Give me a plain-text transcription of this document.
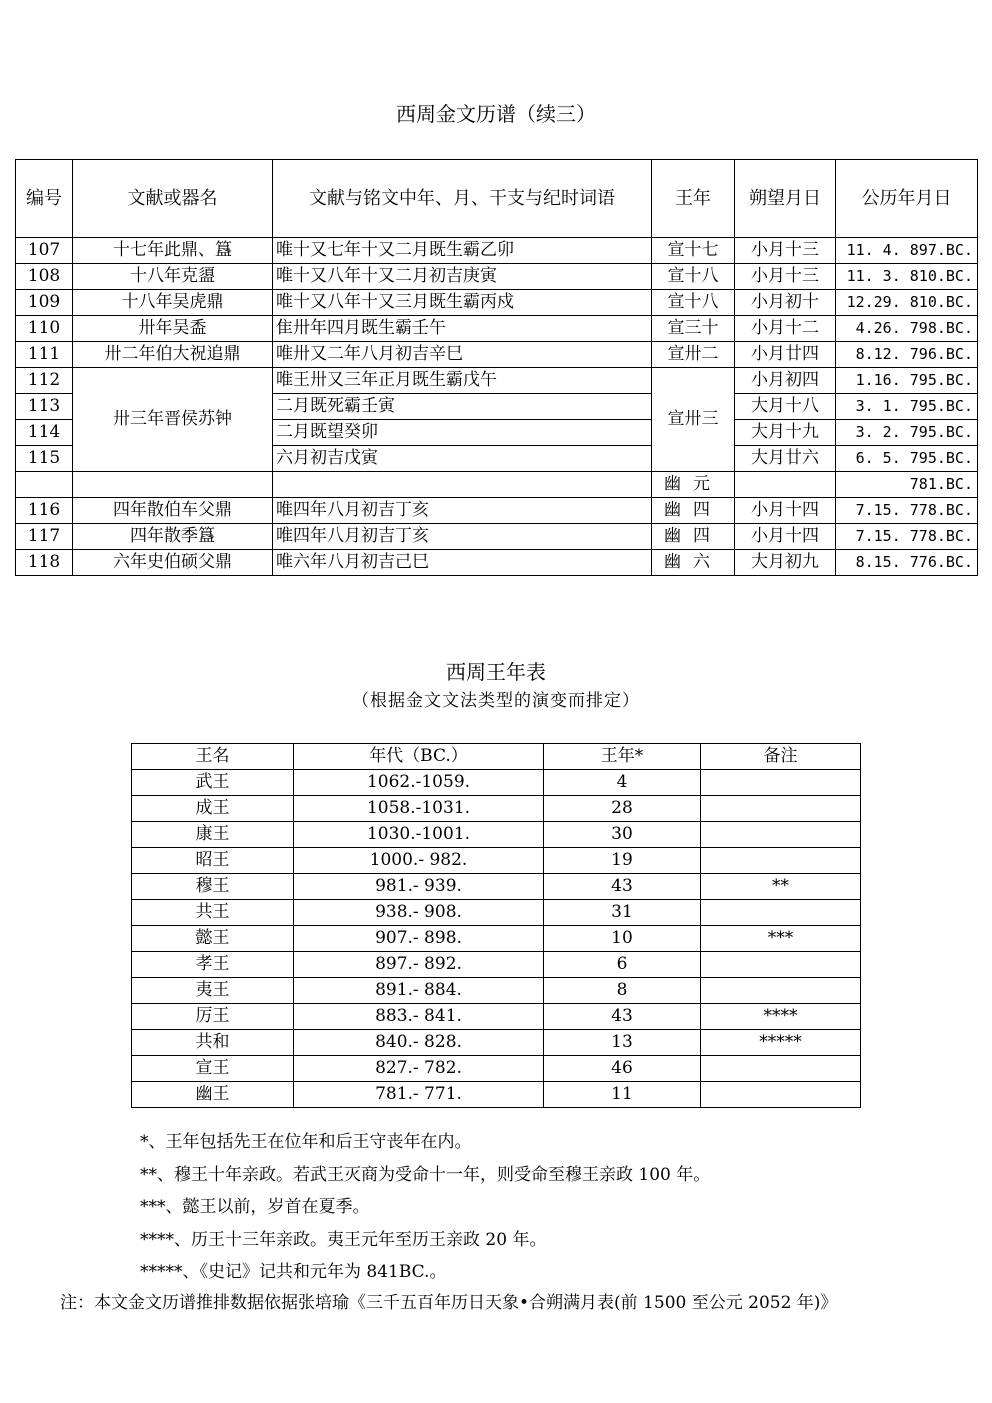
西周金文历谱（续三）
编号	文献或器名	文献与铭文中年、月、干支与纪时词语	王年	朔望月日	公历年月日
107	十七年此鼎、簋	唯十又七年十又二月既生霸乙卯	宣十七	小月十三	11. 4. 897.BC.
108	十八年克盨	唯十又八年十又二月初吉庚寅	宣十八	小月十三	11. 3. 810.BC.
109	十八年吴虎鼎	唯十又八年十又三月既生霸丙戍	宣十八	小月初十	12.29. 810.BC.
110	卅年吴盉	隹卅年四月既生霸壬午	宣三十	小月十二	4.26. 798.BC.
111	卅二年伯大祝追鼎	唯卅又二年八月初吉辛巳	宣卅二	小月廿四	8.12. 796.BC.
112	卅三年晋侯苏钟	唯王卅又三年正月既生霸戊午	宣卅三	小月初四	1.16. 795.BC.
113		二月既死霸壬寅		大月十八	3. 1. 795.BC.
114		二月既望癸卯		大月十九	3. 2. 795.BC.
115		六月初吉戊寅		大月廿六	6. 5. 795.BC.
			幽元		781.BC.
116	四年散伯车父鼎	唯四年八月初吉丁亥	幽四	小月十四	7.15. 778.BC.
117	四年散季簋	唯四年八月初吉丁亥	幽四	小月十四	7.15. 778.BC.
118	六年史伯硕父鼎	唯六年八月初吉己巳	幽六	大月初九	8.15. 776.BC.
西周王年表
（根据金文文法类型的演变而排定）
王名	年代（BC.）	王年*	备注
武王	1062.-1059.	4	
成王	1058.-1031.	28	
康王	1030.-1001.	30	
昭王	1000.- 982.	19	
穆王	981.- 939.	43	**
共王	938.- 908.	31	
懿王	907.- 898.	10	***
孝王	897.- 892.	6	
夷王	891.- 884.	8	
厉王	883.- 841.	43	****
共和	840.- 828.	13	*****
宣王	827.- 782.	46	
幽王	781.- 771.	11	
*、王年包括先王在位年和后王守丧年在内。
**、穆王十年亲政。若武王灭商为受命十一年，则受命至穆王亲政 100 年。
***、懿王以前，岁首在夏季。
****、历王十三年亲政。夷王元年至历王亲政 20 年。
*****、《史记》记共和元年为 841BC.。
注：本文金文历谱推排数据依据张培瑜《三千五百年历日天象•合朔满月表(前 1500 至公元 2052 年)》
